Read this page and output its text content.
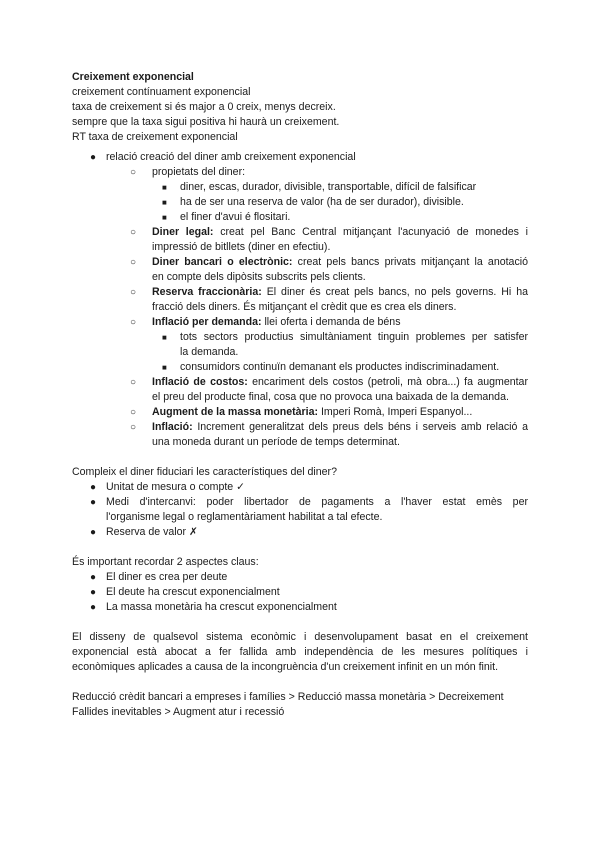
Creixement exponencial
creixement contínuament exponencial
taxa de creixement si és major a 0 creix, menys decreix.
sempre que la taxa sigui positiva hi haurà un creixement.
RT taxa de creixement exponencial
● relació creació del diner amb creixement exponencial
○ propietats del diner:
■ diner, escas, durador, divisible, transportable, difícil de falsificar
■ ha de ser una reserva de valor (ha de ser durador), divisible.
■ el finer d'avui é flositari.
○ Diner legal: creat pel Banc Central mitjançant l'acunyació de monedes i
impressió de bitllets (diner en efectiu).
○ Diner bancari o electrònic: creat pels bancs privats mitjançant la anotació
en compte dels dipòsits subscrits pels clients.
○ Reserva fraccionària: El diner és creat pels bancs, no pels governs. Hi ha
fracció dels diners. És mitjançant el crèdit que es crea els diners.
○ Inflació per demanda: llei oferta i demanda de béns
■ tots sectors productius simultàniament tinguin problemes per satisfer
la demanda.
■ consumidors continuïn demanant els productes indiscriminadament.
○ Inflació de costos: encariment dels costos (petroli, mà obra...) fa augmentar
el preu del producte final, cosa que no provoca una baixada de la demanda.
○ Augment de la massa monetària: Imperi Romà, Imperi Espanyol...
○ Inflació: Increment generalitzat dels preus dels béns i serveis amb relació a
una moneda durant un període de temps determinat.
Compleix el diner fiduciari les característiques del diner?
● Unitat de mesura o compte ✓
● Medi d'intercanvi: poder libertador de pagaments a l'haver estat emès per
l'organisme legal o reglamentàriament habilitat a tal efecte.
● Reserva de valor ✗
És important recordar 2 aspectes claus:
● El diner es crea per deute
● El deute ha crescut exponencialment
● La massa monetària ha crescut exponencialment
El disseny de qualsevol sistema econòmic i desenvolupament basat en el creixement
exponencial està abocat a fer fallida amb independència de les mesures polítiques i
econòmiques aplicades a causa de la incongruència d'un creixement infinit en un món finit.
Reducció crèdit bancari a empreses i famílies > Reducció massa monetària > Decreixement
Fallides inevitables > Augment atur i recessió
